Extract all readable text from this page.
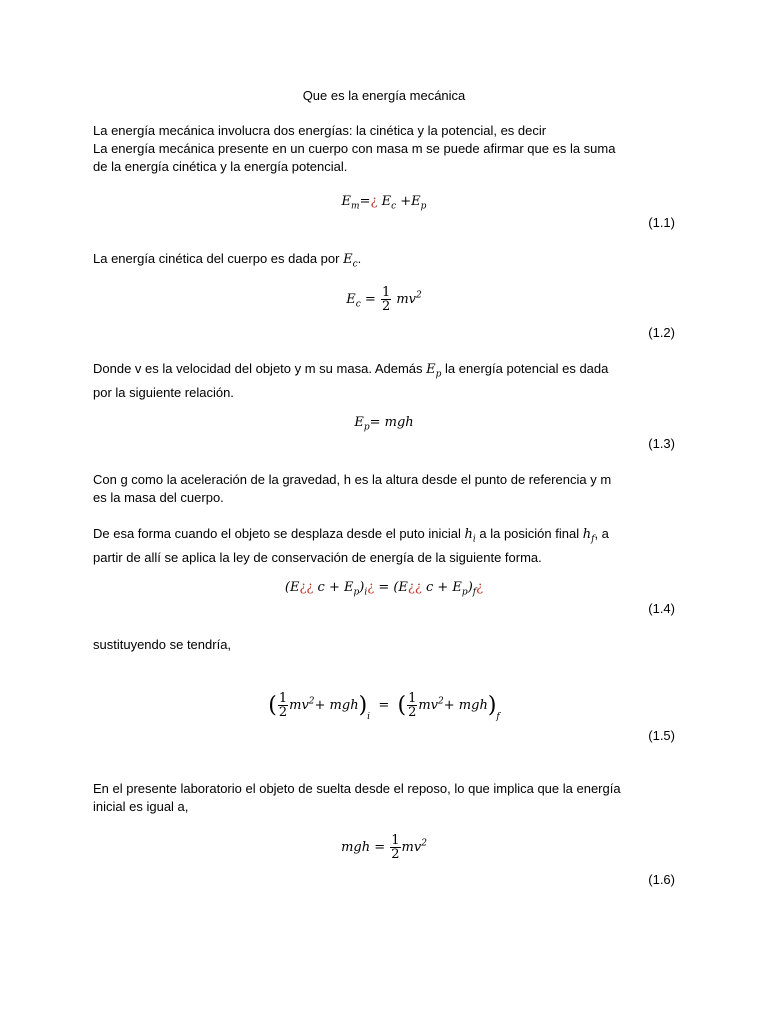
Que es la energía mecánica
La energía mecánica involucra dos energías: la cinética y la potencial, es decir
La energía mecánica presente en un cuerpo con masa m se puede afirmar que es la suma
de la energía cinética y la energía potencial.
$E_m=¿$ $E_c +E_p$
(1.1)
La energía cinética del cuerpo es dada por $E_c$.
$E_c = \frac{1}{2} mv^2$
(1.2)
Donde v es la velocidad del objeto y m su masa. Además $E_p$ la energía potencial es dada
por la siguiente relación.
$E_p=$ mgh
(1.3)
Con g como la aceleración de la gravedad, h es la altura desde el punto de referencia y m
es la masa del cuerpo.
De esa forma cuando el objeto se desplaza desde el puto inicial $h_i$ a la posición final $h_f$, a
partir de allí se aplica la ley de conservación de energía de la siguiente forma.
(E¿¿ $c + E_p)_i¿$ = (E¿¿ $c + E_p)_f¿$
(1.4)
sustituyendo se tendría,
( $\frac{1}{2} mv^2+ mgh)_i$  =  ( $\frac{1}{2} mv^2+ mgh)_f$
(1.5)
En el presente laboratorio el objeto de suelta desde el reposo, lo que implica que la energía
inicial es igual a,
mgh = $\frac{1}{2} mv^2$
(1.6)
